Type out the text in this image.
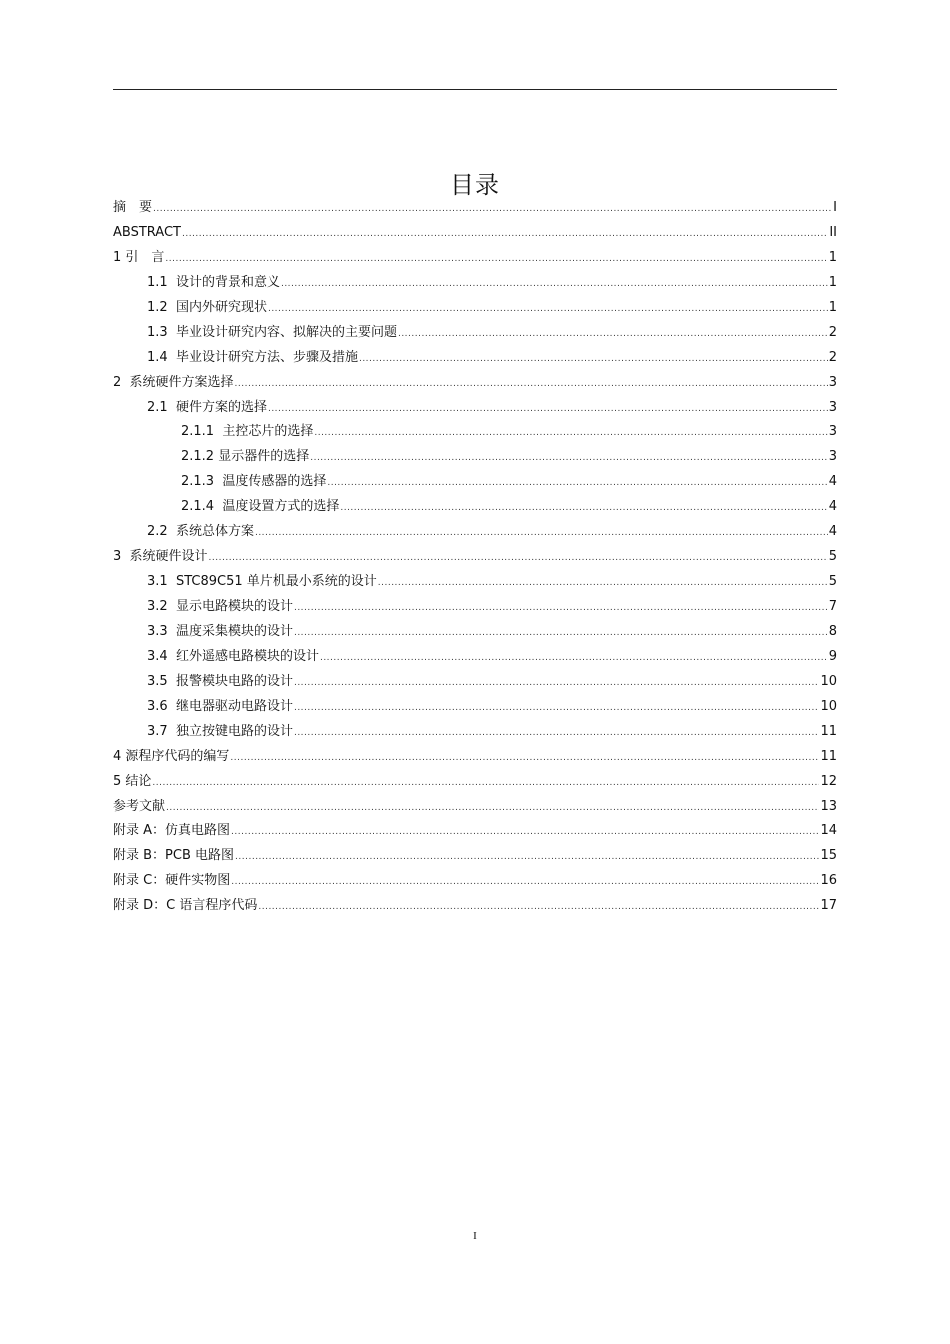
目录
摘　要 .....	I
ABSTRACT .....	II
1 引　言 .....	1
1.1  设计的背景和意义 .....	1
1.2  国内外研究现状 .....	1
1.3  毕业设计研究内容、拟解决的主要问题 .....	2
1.4  毕业设计研究方法、步骤及措施 .....	2
2  系统硬件方案选择 .....	3
2.1  硬件方案的选择 .....	3
2.1.1  主控芯片的选择 .....	3
2.1.2 显示器件的选择 .....	3
2.1.3  温度传感器的选择 .....	4
2.1.4  温度设置方式的选择 .....	4
2.2  系统总体方案 .....	4
3  系统硬件设计 .....	5
3.1  STC89C51 单片机最小系统的设计 .....	5
3.2  显示电路模块的设计 .....	7
3.3  温度采集模块的设计 .....	8
3.4  红外遥感电路模块的设计 .....	9
3.5  报警模块电路的设计 .....	10
3.6  继电器驱动电路设计 .....	10
3.7  独立按键电路的设计 .....	11
4 源程序代码的编写 .....	11
5 结论 .....	12
参考文献 .....	13
附录 A：仿真电路图 .....	14
附录 B：PCB 电路图 .....	15
附录 C：硬件实物图 .....	16
附录 D：C 语言程序代码 .....	17
I
